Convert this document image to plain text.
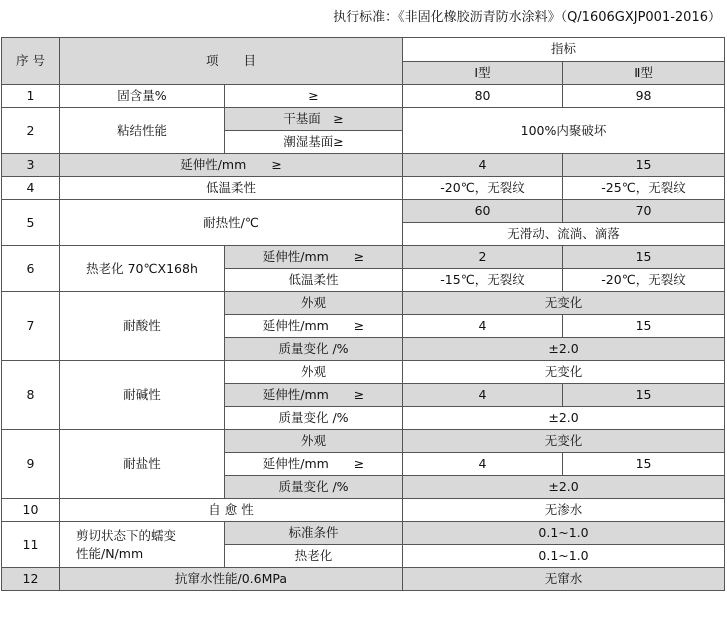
执行标准：《非固化橡胶沥青防水涂料》（Q/1606GXJP001-2016）
序 号	项　　目		指标	
			Ⅰ型	Ⅱ型
1	固含量%	≥	80	98
2	粘结性能	干基面　≥	100%内聚破坏	
		潮湿基面≥		
3	延伸性/mm　　 ≥		4	15
4	低温柔性		-20℃，无裂纹	-25℃，无裂纹
5	耐热性/℃		60	70
			无滑动、流淌、滴落	
6	热老化 70℃X168h	延伸性/mm　　≥	2	15
		低温柔性	-15℃，无裂纹	-20℃，无裂纹
7	耐酸性	外观	无变化	
		延伸性/mm　　≥	4	15
		质量变化 /%	±2.0	
8	耐碱性	外观	无变化	
		延伸性/mm　　≥	4	15
		质量变化 /%	±2.0	
9	耐盐性	外观	无变化	
		延伸性/mm　　≥	4	15
		质量变化 /%	±2.0	
10	自 愈 性		无渗水	
11	剪切状态下的蠕变
性能/N/mm	标准条件	0.1~1.0	
		热老化	0.1~1.0	
12	抗窜水性能/0.6MPa		无窜水	
